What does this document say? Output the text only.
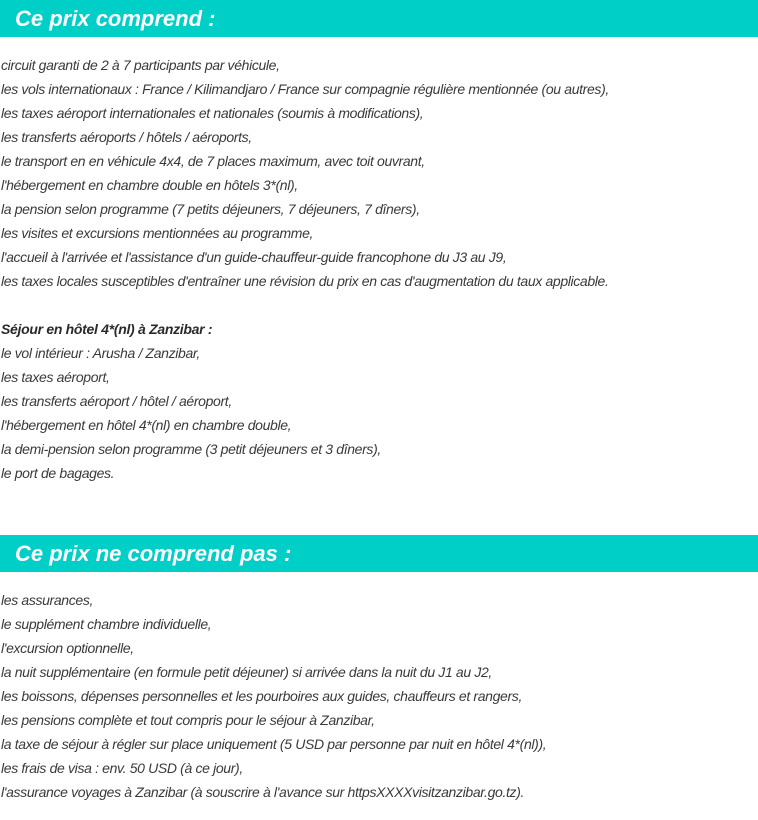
Ce prix comprend :
circuit garanti de 2 à 7 participants par véhicule,
les vols internationaux : France / Kilimandjaro / France sur compagnie régulière mentionnée (ou autres),
les taxes aéroport internationales et nationales (soumis à modifications),
les transferts aéroports / hôtels / aéroports,
le transport en en véhicule 4x4, de 7 places maximum, avec toit ouvrant,
l'hébergement en chambre double en hôtels 3*(nl),
la pension selon programme (7 petits déjeuners, 7 déjeuners, 7 dîners),
les visites et excursions mentionnées au programme,
l'accueil à l'arrivée et l'assistance d'un guide-chauffeur-guide francophone du J3 au J9,
les taxes locales susceptibles d'entraîner une révision du prix en cas d'augmentation du taux applicable.
Séjour en hôtel 4*(nl) à Zanzibar :
le vol intérieur : Arusha / Zanzibar,
les taxes aéroport,
les transferts aéroport / hôtel / aéroport,
l'hébergement en hôtel 4*(nl) en chambre double,
la demi-pension selon programme (3 petit déjeuners et 3 dîners),
le port de bagages.
Ce prix ne comprend pas :
les assurances,
le supplément chambre individuelle,
l'excursion optionnelle,
la nuit supplémentaire (en formule petit déjeuner) si arrivée dans la nuit du J1 au J2,
les boissons, dépenses personnelles et les pourboires aux guides, chauffeurs et rangers,
les pensions complète et tout compris pour le séjour à Zanzibar,
la taxe de séjour à régler sur place uniquement (5 USD par personne par nuit en hôtel 4*(nl)),
les frais de visa : env. 50 USD (à ce jour),
l'assurance voyages à Zanzibar (à souscrire à l'avance sur httpsXXXXvisitzanzibar.go.tz).
